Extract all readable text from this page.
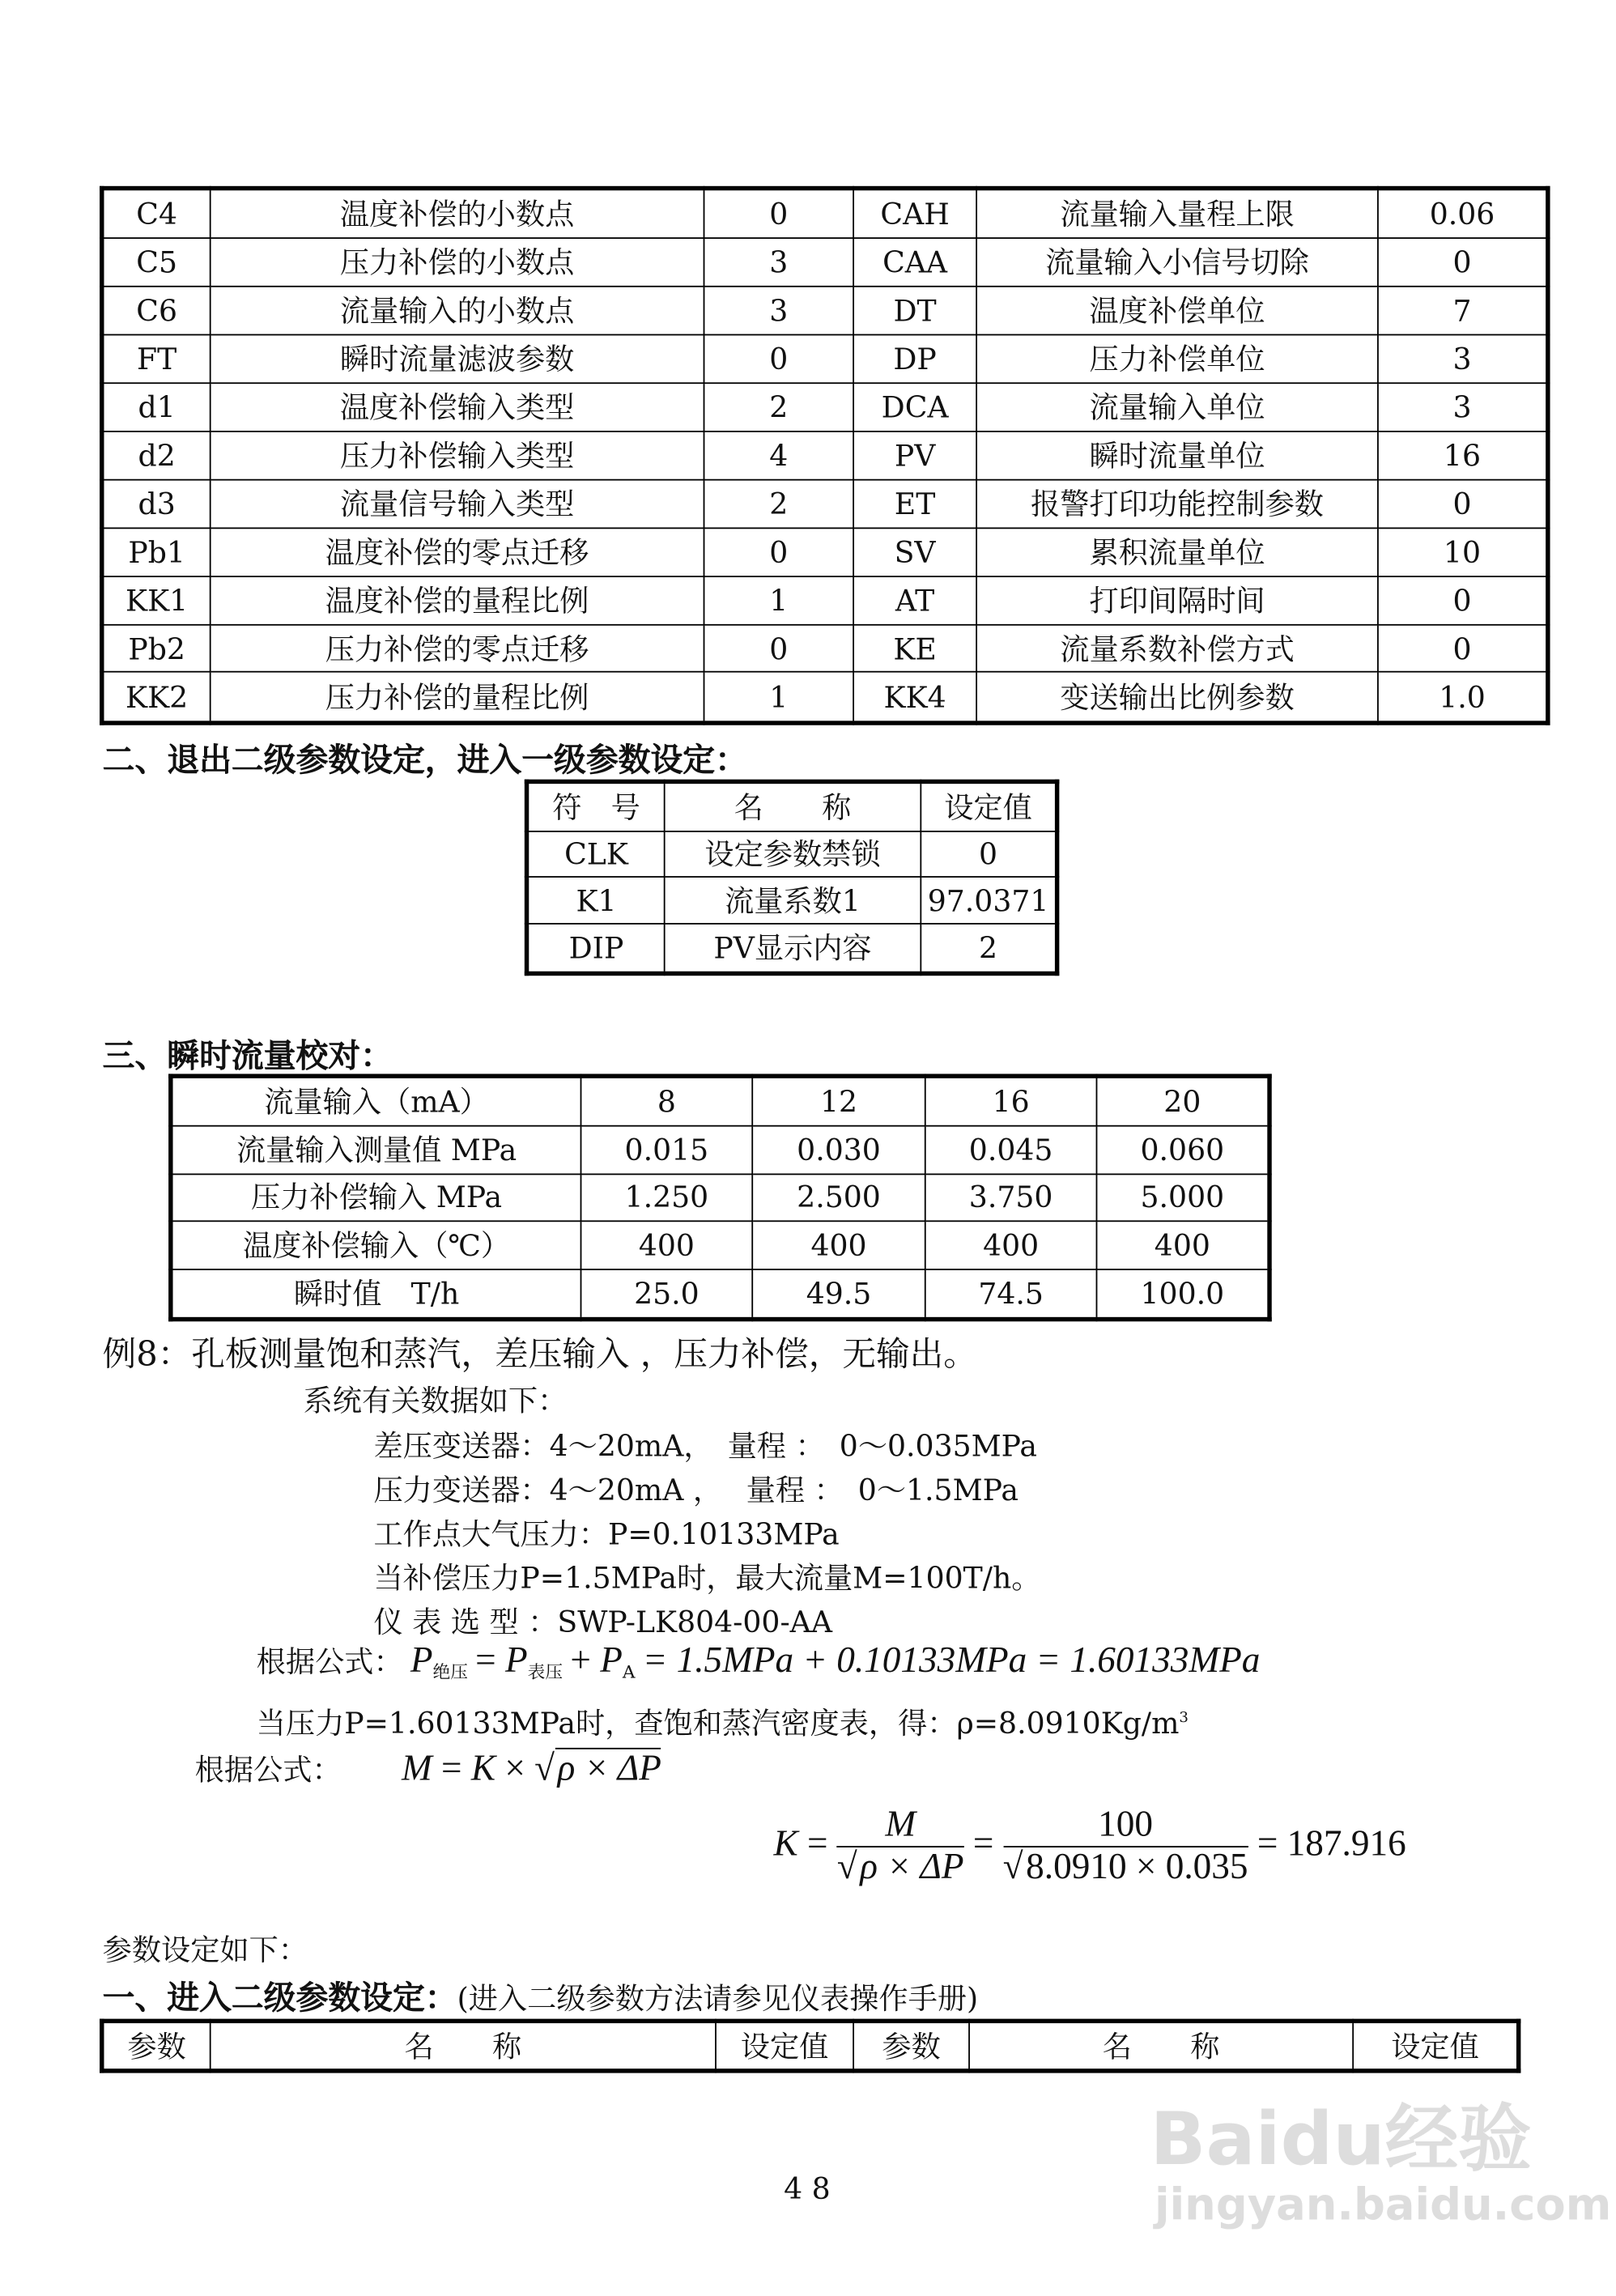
C4	温度补偿的小数点	0	CAH	流量输入量程上限	0.06
C5	压力补偿的小数点	3	CAA	流量输入小信号切除	0
C6	流量输入的小数点	3	DT	温度补偿单位	7
FT	瞬时流量滤波参数	0	DP	压力补偿单位	3
d1	温度补偿输入类型	2	DCA	流量输入单位	3
d2	压力补偿输入类型	4	PV	瞬时流量单位	16
d3	流量信号输入类型	2	ET	报警打印功能控制参数	0
Pb1	温度补偿的零点迁移	0	SV	累积流量单位	10
KK1	温度补偿的量程比例	1	AT	打印间隔时间	0
Pb2	压力补偿的零点迁移	0	KE	流量系数补偿方式	0
KK2	压力补偿的量程比例	1	KK4	变送输出比例参数	1.0
二、退出二级参数设定，进入一级参数设定：
符　号	名　　称	设定值
CLK	设定参数禁锁	0
K1	流量系数1	97.0371
DIP	PV显示内容	2
三、瞬时流量校对：
流量输入（mA）	8	12	16	20
流量输入测量值 MPa	0.015	0.030	0.045	0.060
压力补偿输入 MPa	1.250	2.500	3.750	5.000
温度补偿输入（℃）	400	400	400	400
瞬时值　T/h	25.0	49.5	74.5	100.0
例8：孔板测量饱和蒸汽，差压输入 ，压力补偿，无输出。
系统有关数据如下：
差压变送器：4～20mA，　量程 ：　0～0.035MPa
压力变送器：4～20mA ，　 量程 ：　0～1.5MPa
工作点大气压力：P=0.10133MPa
当补偿压力P=1.5MPa时，最大流量M=100T/h。
仪 表 选 型 ：SWP-LK804-00-AA
根据公式： $P_{绝压} = P_{表压} + P_A = 1.5MPa + 0.10133MPa = 1.60133MPa$
当压力P=1.60133MPa时，查饱和蒸汽密度表，得：$\rho=8.0910Kg/m^3$
根据公式：	M = K × √ ρ × ΔP
$K = \frac{M}{√ \rho \times \Delta P} = \frac{100}{√ 8.0910 \times 0.035} = 187.916$
参数设定如下：
一、进入二级参数设定：(进入二级参数方法请参见仪表操作手册)
参数	名　　称	设定值	参数	名　　称	设定值
4 8
Baidu经验
jingyan.baidu.com
